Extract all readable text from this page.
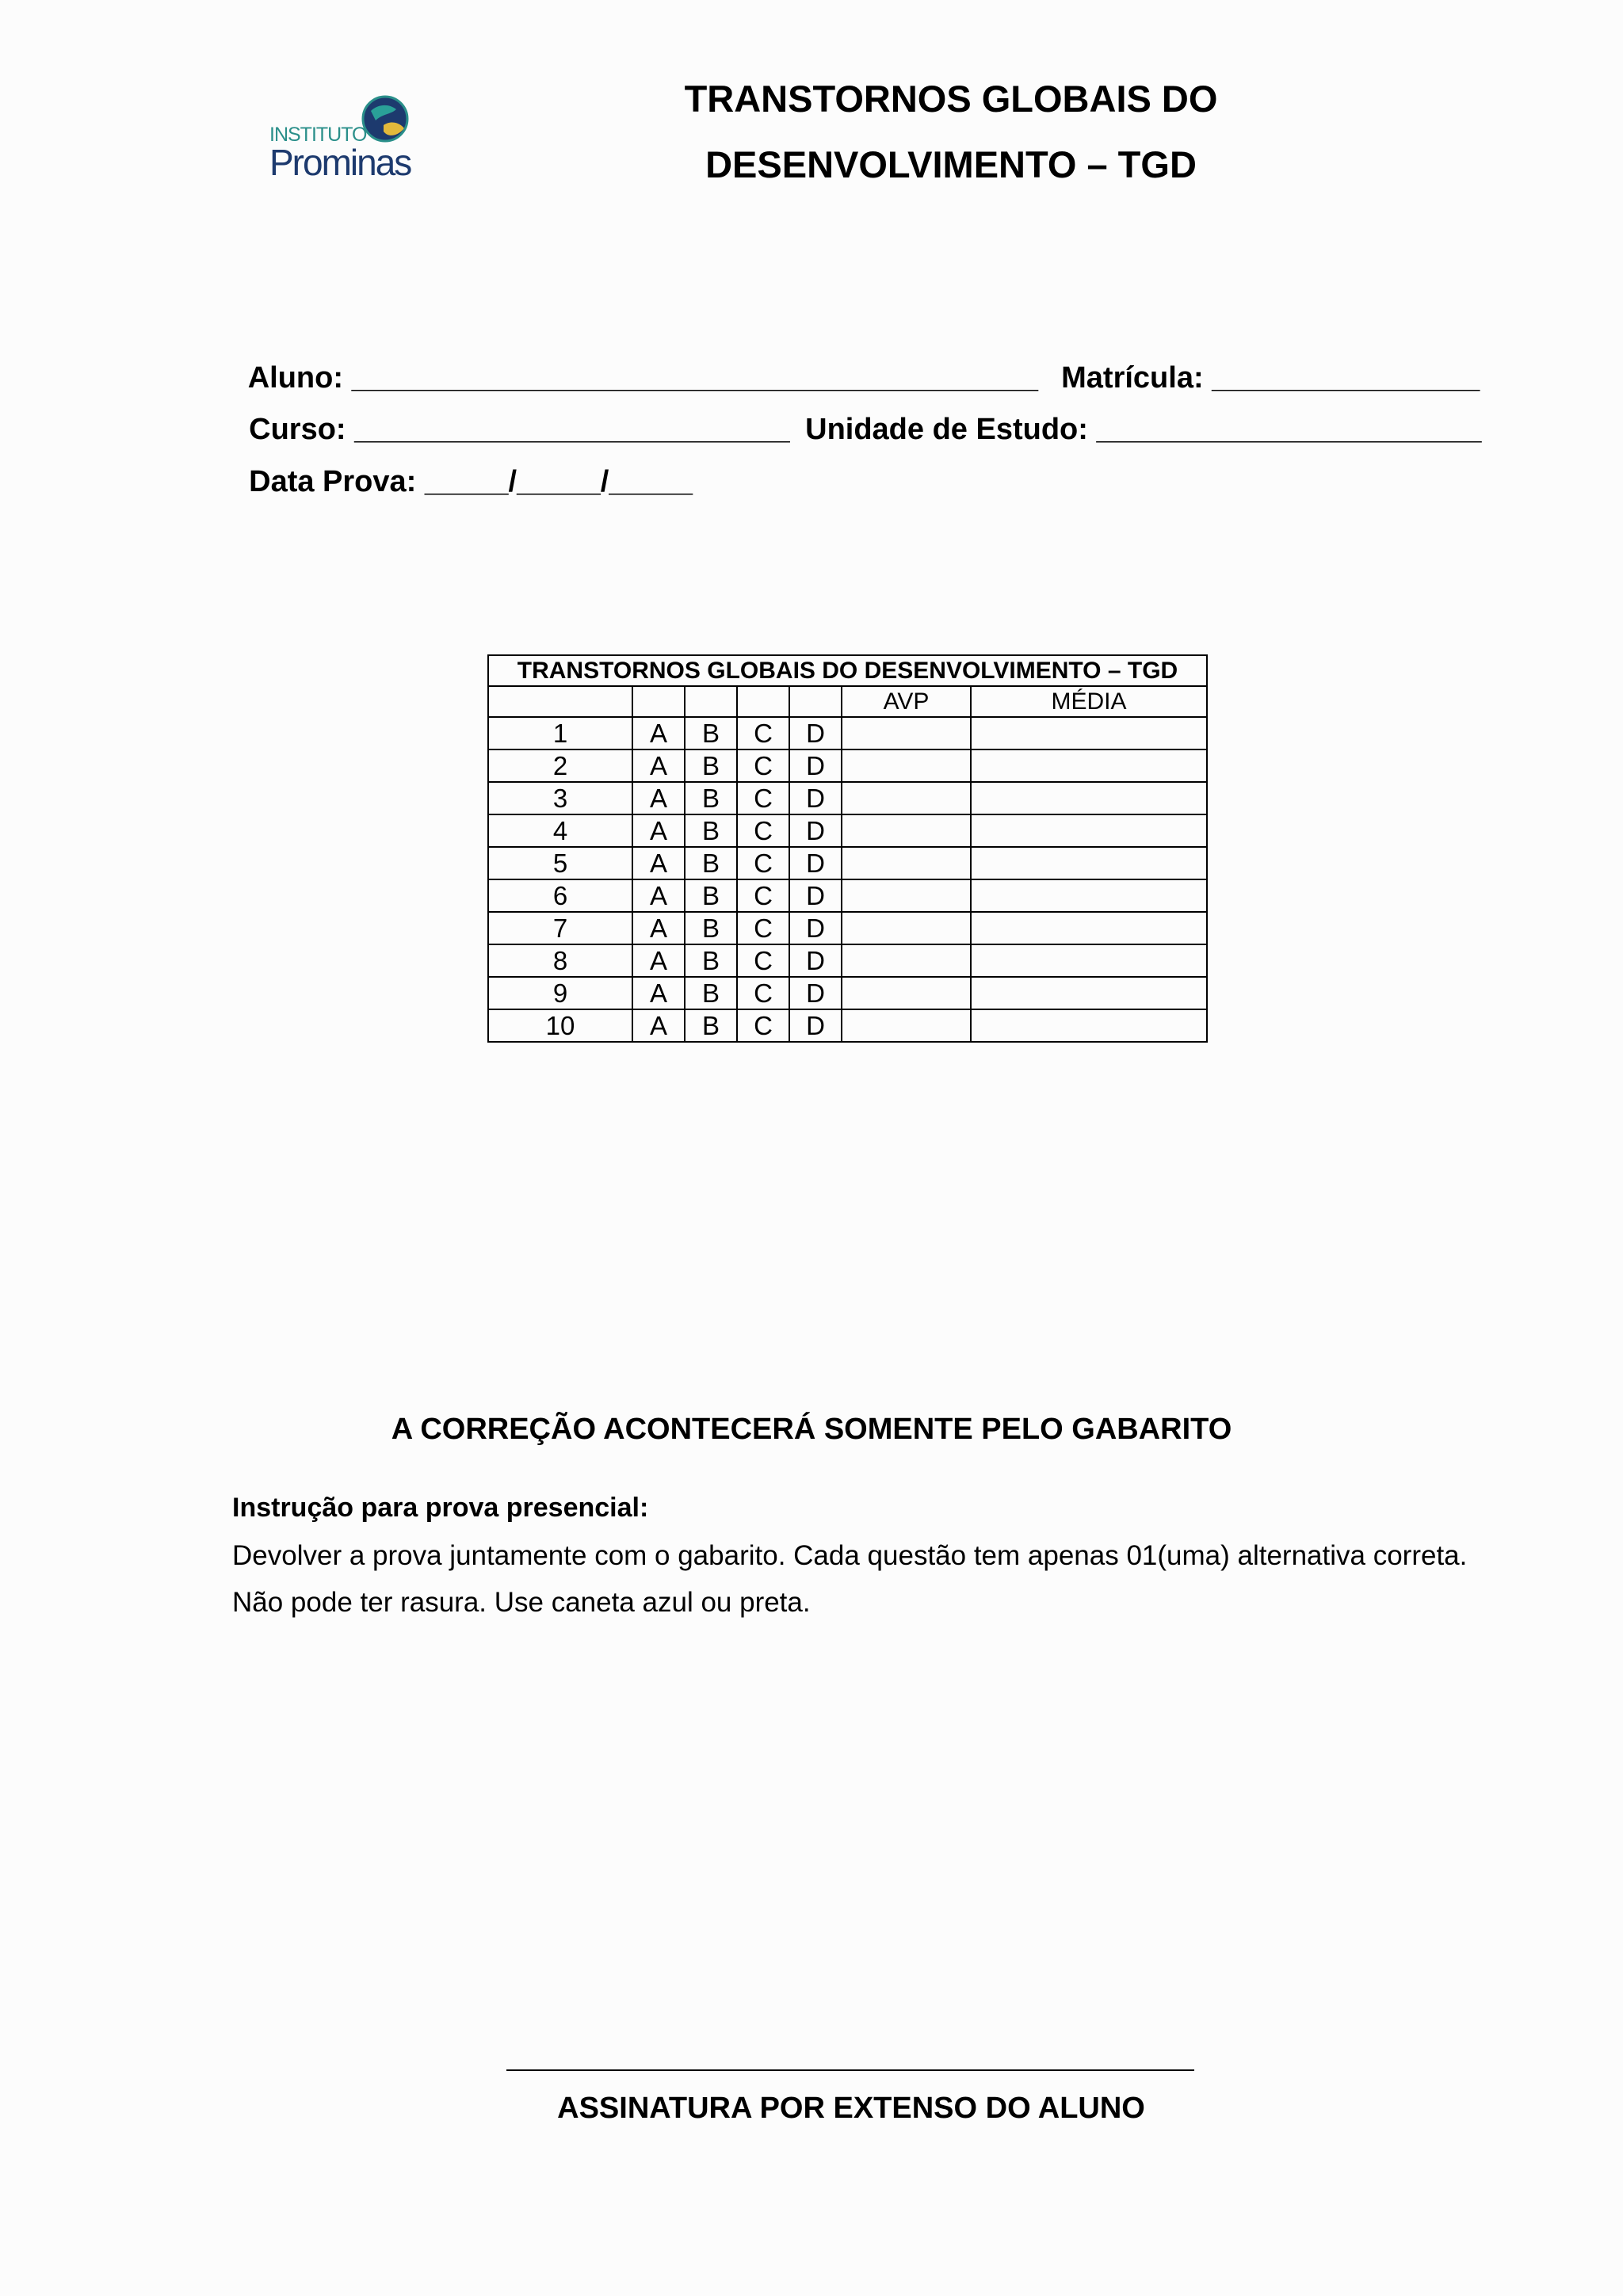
INSTITUTO
Prominas
TRANSTORNOS GLOBAIS DO
DESENVOLVIMENTO – TGD

Aluno: _________________________________________ Matrícula: ________________

Curso: __________________________ Unidade de Estudo: _______________________

Data Prova: _____/_____/_____

TRANSTORNOS GLOBAIS DO DESENVOLVIMENTO – TGD						
					AVP	MÉDIA
1	A	B	C	D		
2	A	B	C	D		
3	A	B	C	D		
4	A	B	C	D		
5	A	B	C	D		
6	A	B	C	D		
7	A	B	C	D		
8	A	B	C	D		
9	A	B	C	D		
10	A	B	C	D		
A CORREÇÃO ACONTECERÁ SOMENTE PELO GABARITO
Instrução para prova presencial:
Devolver a prova juntamente com o gabarito. Cada questão tem apenas 01(uma) alternativa correta.
Não pode ter rasura. Use caneta azul ou preta.
ASSINATURA POR EXTENSO DO ALUNO
